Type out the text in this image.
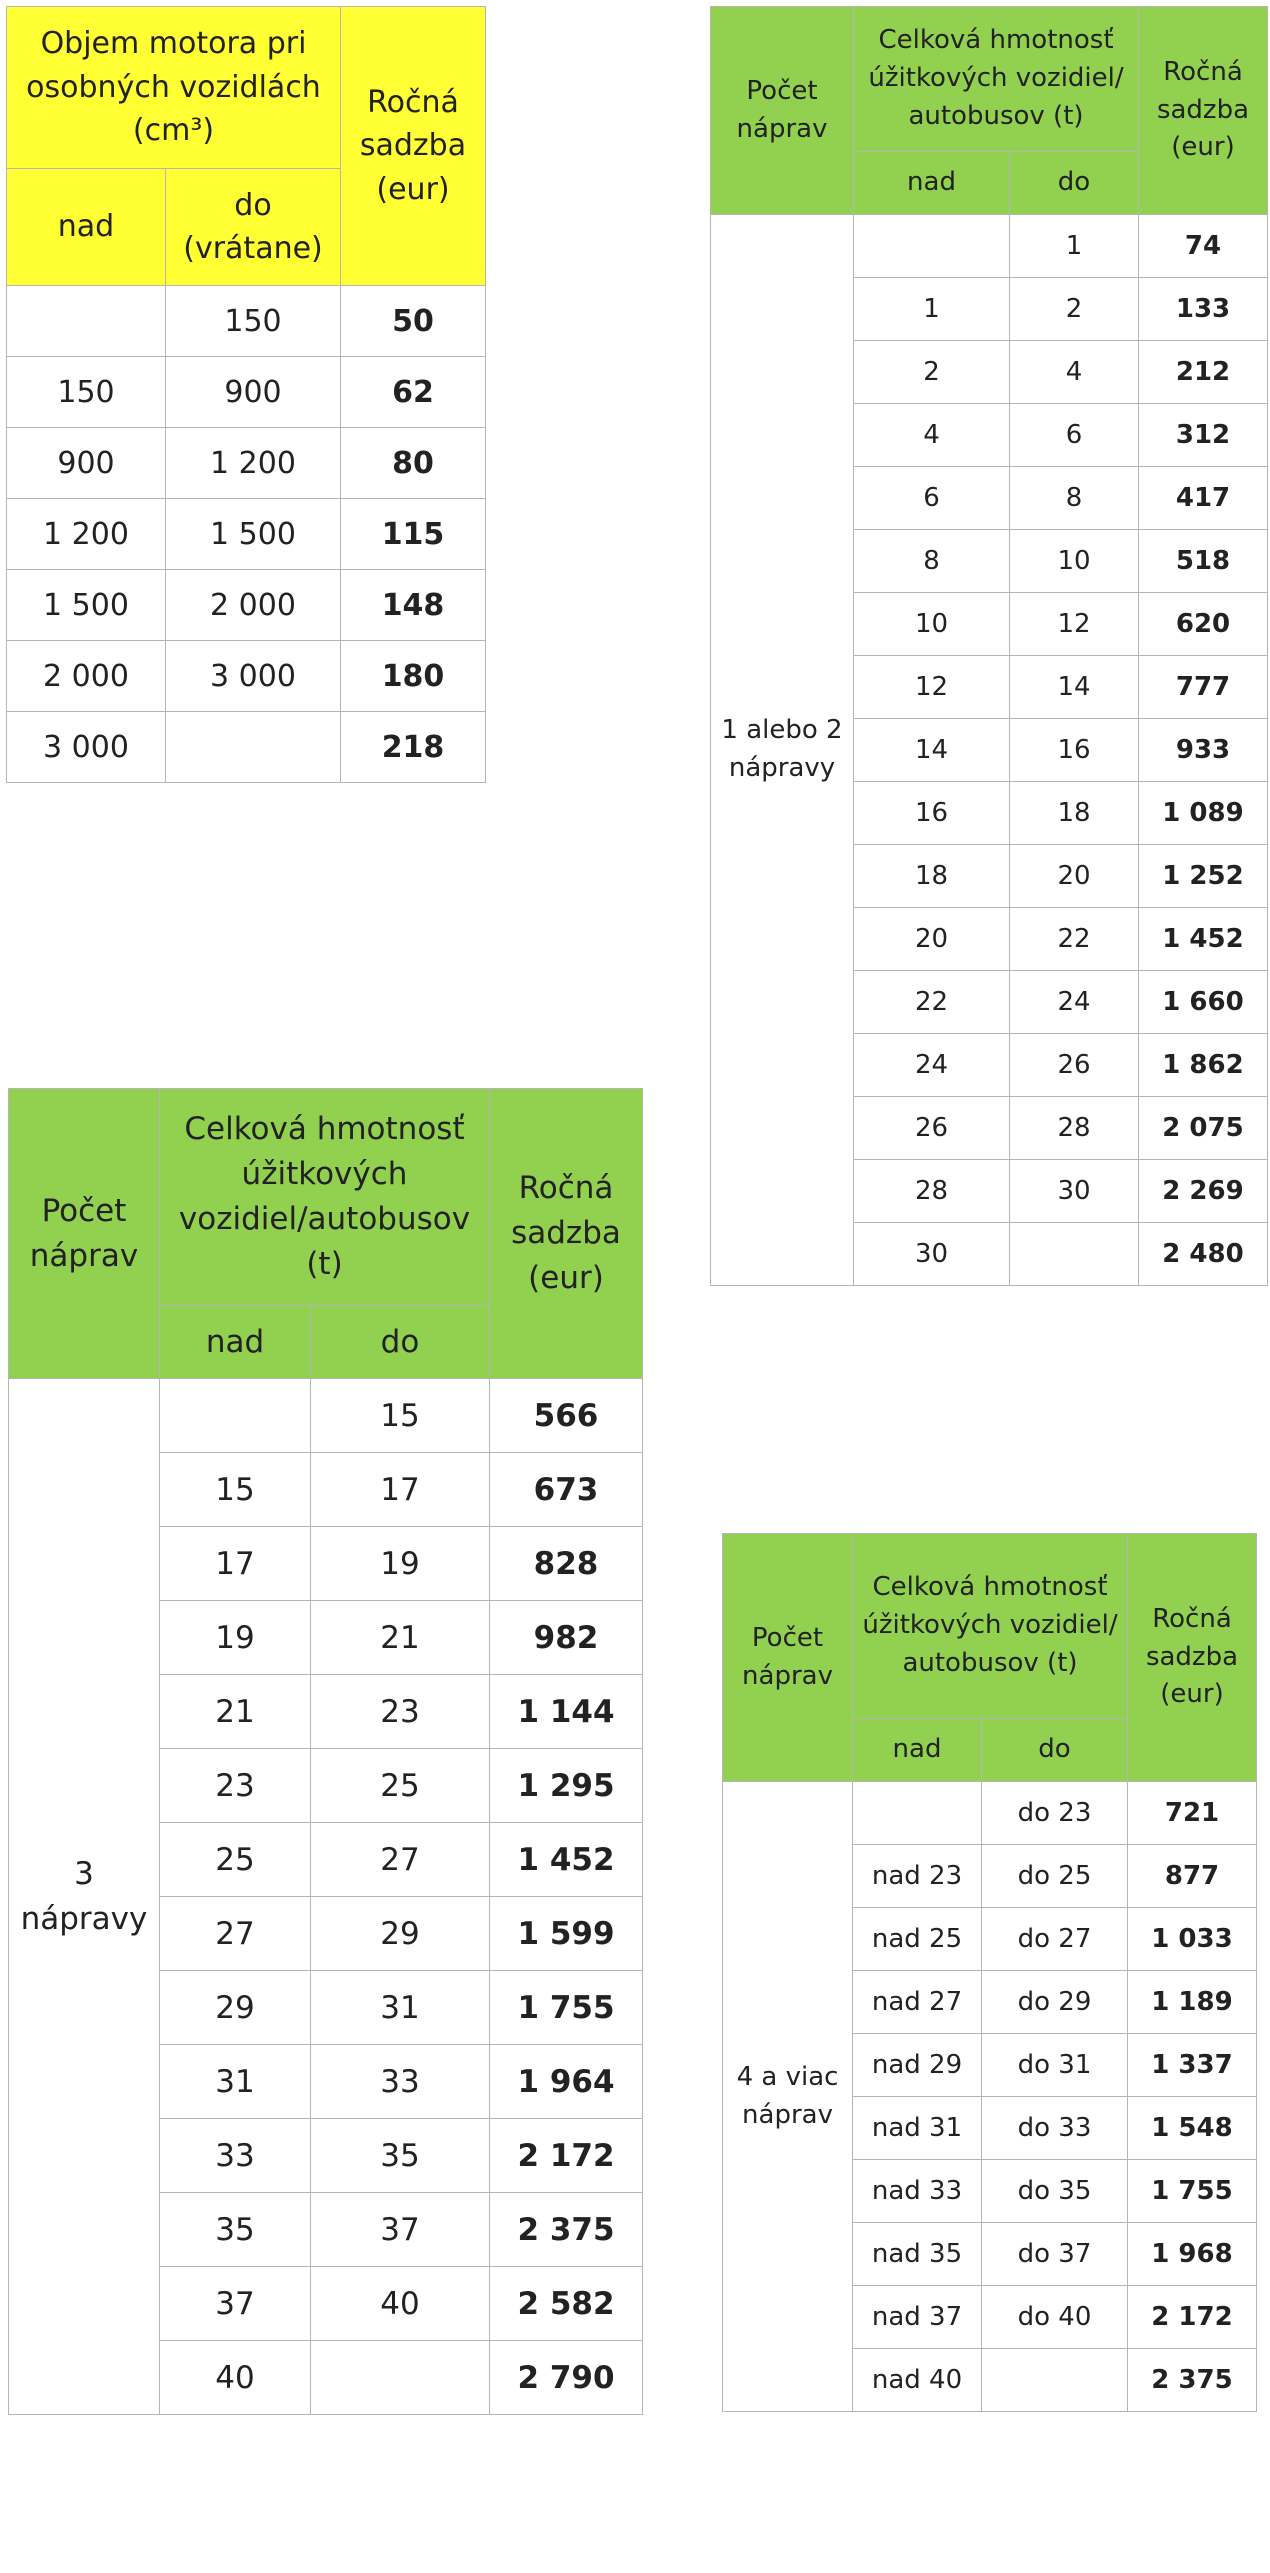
Objem motora pri osobných vozidlách (cm³)		Ročná sadzba (eur)
nad	do (vrátane)	
	150	50
150	900	62
900	1 200	80
1 200	1 500	115
1 500	2 000	148
2 000	3 000	180
3 000		218
Počet náprav	Celková hmotnosť úžitkových vozidiel/ autobusov (t)		Ročná sadzba (eur)
	nad	do	
1 alebo 2 nápravy		1	74
	1	2	133
	2	4	212
	4	6	312
	6	8	417
	8	10	518
	10	12	620
	12	14	777
	14	16	933
	16	18	1 089
	18	20	1 252
	20	22	1 452
	22	24	1 660
	24	26	1 862
	26	28	2 075
	28	30	2 269
	30		2 480
Počet náprav	Celková hmotnosť úžitkových vozidiel/autobusov (t)		Ročná sadzba (eur)
	nad	do	
3 nápravy		15	566
	15	17	673
	17	19	828
	19	21	982
	21	23	1 144
	23	25	1 295
	25	27	1 452
	27	29	1 599
	29	31	1 755
	31	33	1 964
	33	35	2 172
	35	37	2 375
	37	40	2 582
	40		2 790
Počet náprav	Celková hmotnosť úžitkových vozidiel/ autobusov (t)		Ročná sadzba (eur)
	nad	do	
4 a viac náprav		do 23	721
	nad 23	do 25	877
	nad 25	do 27	1 033
	nad 27	do 29	1 189
	nad 29	do 31	1 337
	nad 31	do 33	1 548
	nad 33	do 35	1 755
	nad 35	do 37	1 968
	nad 37	do 40	2 172
	nad 40		2 375
